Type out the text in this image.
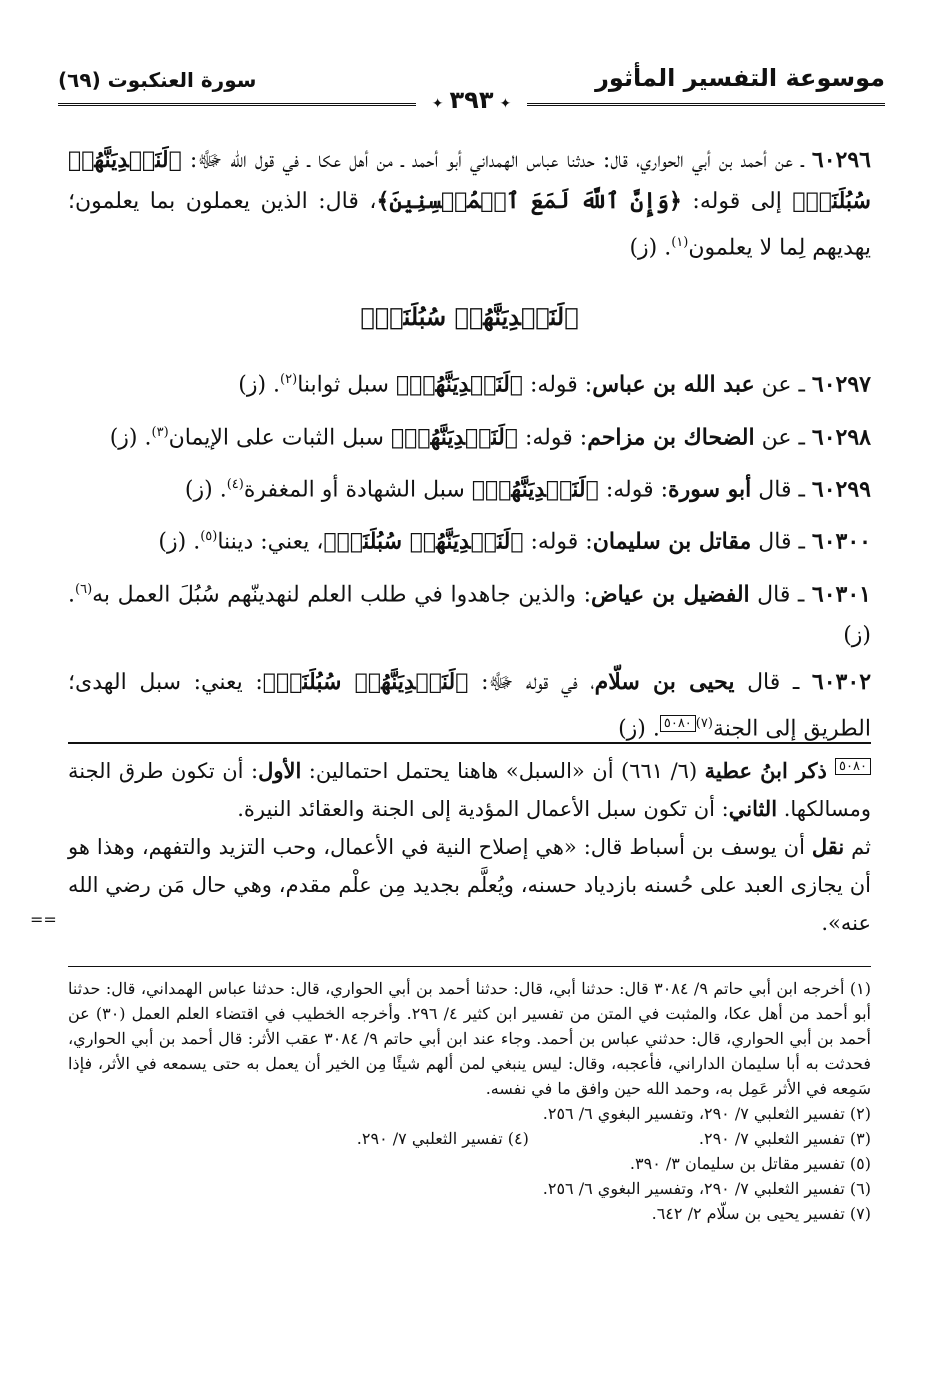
موسوعة التفسير المأثور
سورة العنكبوت (٦٩)
✦٣٩٣✦

٦٠٢٩٦ ـ عن أحمد بن أبي الحواري، قال: حدثنا عباس الهمداني أبو أحمد ـ من أهل عكا ـ في قول الله ﷻ: ﴿لَنَهۡدِيَنَّهُمۡ سُبُلَنَاۚ﴾ إلى قوله: ﴿وَإِنَّ ٱللَّهَ لَمَعَ ٱلۡمُحۡسِنِينَ﴾، قال: الذين يعملون بما يعلمون؛ يهديهم لِما لا يعلمون$^{(١)}$. (ز)

﴿لَنَهۡدِيَنَّهُمۡ سُبُلَنَاۚ﴾

٦٠٢٩٧ ـ عن عبد الله بن عباس: قوله: ﴿لَنَهۡدِيَنَّهُمۡ﴾ سبل ثوابنا$^{(٢)}$. (ز)

٦٠٢٩٨ ـ عن الضحاك بن مزاحم: قوله: ﴿لَنَهۡدِيَنَّهُمۡ﴾ سبل الثبات على الإيمان$^{(٣)}$. (ز)

٦٠٢٩٩ ـ قال أبو سورة: قوله: ﴿لَنَهۡدِيَنَّهُمۡ﴾ سبل الشهادة أو المغفرة$^{(٤)}$. (ز)

٦٠٣٠٠ ـ قال مقاتل بن سليمان: قوله: ﴿لَنَهۡدِيَنَّهُمۡ سُبُلَنَاۚ﴾، يعني: ديننا$^{(٥)}$. (ز)

٦٠٣٠١ ـ قال الفضيل بن عياض: والذين جاهدوا في طلب العلم لنهدينّهم سُبُلَ العمل به$^{(٦)}$. (ز)

٦٠٣٠٢ ـ قال يحيى بن سلّام، في قوله ﷻ: ﴿لَنَهۡدِيَنَّهُمۡ سُبُلَنَاۚ﴾: يعني: سبل الهدى؛ الطريق إلى الجنة$^{(٧)}$٥٠٨٠. (ز)

٥٠٨٠ ذكر ابنُ عطية (٦/ ٦٦١) أن «السبل» هاهنا يحتمل احتمالين: الأول: أن تكون طرق الجنة ومسالكها. الثاني: أن تكون سبل الأعمال المؤدية إلى الجنة والعقائد النيرة.

ثم نقل أن يوسف بن أسباط قال: «هي إصلاح النية في الأعمال، وحب التزيد والتفهم، وهذا هو أن يجازى العبد على حُسنه بازدياد حسنه، ويُعلَّم بجديد مِن علْم مقدم، وهي حال مَن رضي الله عنه».

==

(١) أخرجه ابن أبي حاتم ٩/ ٣٠٨٤ قال: حدثنا أبي، قال: حدثنا أحمد بن أبي الحواري، قال: حدثنا عباس الهمداني، قال: حدثنا أبو أحمد من أهل عكا، والمثبت في المتن من تفسير ابن كثير ٤/ ٢٩٦. وأخرجه الخطيب في اقتضاء العلم العمل (٣٠) عن أحمد بن أبي الحواري، قال: حدثني عباس بن أحمد. وجاء عند ابن أبي حاتم ٩/ ٣٠٨٤ عقب الأثر: قال أحمد بن أبي الحواري، فحدثت به أبا سليمان الداراني، فأعجبه، وقال: ليس ينبغي لمن ألهم شيئًا مِن الخير أن يعمل به حتى يسمعه في الأثر، فإذا سَمِعه في الأثر عَمِل به، وحمد الله حين وافق ما في نفسه.

(٢) تفسير الثعلبي ٧/ ٢٩٠، وتفسير البغوي ٦/ ٢٥٦.

(٣) تفسير الثعلبي ٧/ ٢٩٠.
(٤) تفسير الثعلبي ٧/ ٢٩٠.

(٥) تفسير مقاتل بن سليمان ٣/ ٣٩٠.

(٦) تفسير الثعلبي ٧/ ٢٩٠، وتفسير البغوي ٦/ ٢٥٦.

(٧) تفسير يحيى بن سلّام ٢/ ٦٤٢.
